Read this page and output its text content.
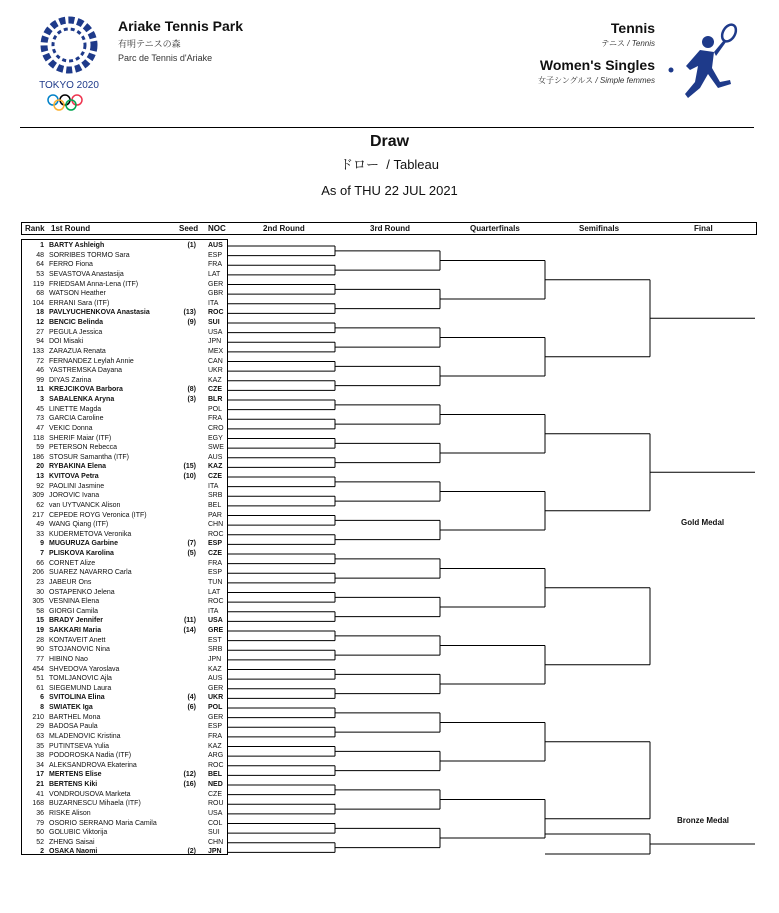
TOKYO 2020
Ariake Tennis Park
有明テニスの森
Parc de Tennis d'Ariake
Tennis
テニス / Tennis
Women's Singles
女子シングルス / Simple femmes
Draw
ドロー / Tableau
As of THU 22 JUL 2021
Rank 1st Round	Seed NOC	2nd Round	3rd Round	Quarterfinals	Semifinals	Final
1 BARTY Ashleigh	(1) AUS
48 SORRIBES TORMO Sara	ESP
64 FERRO Fiona	FRA
53 SEVASTOVA Anastasija	LAT
119 FRIEDSAM Anna-Lena (ITF)	GER
68 WATSON Heather	GBR
104 ERRANI Sara (ITF)	ITA
18 PAVLYUCHENKOVA Anastasia	(13) ROC
12 BENCIC Belinda	(9) SUI
27 PEGULA Jessica	USA
94 DOI Misaki	JPN
133 ZARAZUA Renata	MEX
72 FERNANDEZ Leylah Annie	CAN
46 YASTREMSKA Dayana	UKR
99 DIYAS Zarina	KAZ
11 KREJCIKOVA Barbora	(8) CZE
3 SABALENKA Aryna	(3) BLR
45 LINETTE Magda	POL
73 GARCIA Caroline	FRA
47 VEKIC Donna	CRO
118 SHERIF Maiar (ITF)	EGY
59 PETERSON Rebecca	SWE
186 STOSUR Samantha (ITF)	AUS
20 RYBAKINA Elena	(15) KAZ
13 KVITOVA Petra	(10) CZE
92 PAOLINI Jasmine	ITA
309 JOROVIC Ivana	SRB
62 van UYTVANCK Alison	BEL
217 CEPEDE ROYG Veronica (ITF)	PAR
49 WANG Qiang (ITF)	CHN
33 KUDERMETOVA Veronika	ROC
9 MUGURUZA Garbine	(7) ESP
7 PLISKOVA Karolina	(5) CZE
66 CORNET Alize	FRA
206 SUAREZ NAVARRO Carla	ESP
23 JABEUR Ons	TUN
30 OSTAPENKO Jelena	LAT
305 VESNINA Elena	ROC
58 GIORGI Camila	ITA
15 BRADY Jennifer	(11) USA
19 SAKKARI Maria	(14) GRE
28 KONTAVEIT Anett	EST
90 STOJANOVIC Nina	SRB
77 HIBINO Nao	JPN
454 SHVEDOVA Yaroslava	KAZ
51 TOMLJANOVIC Ajla	AUS
61 SIEGEMUND Laura	GER
6 SVITOLINA Elina	(4) UKR
8 SWIATEK Iga	(6) POL
210 BARTHEL Mona	GER
29 BADOSA Paula	ESP
63 MLADENOVIC Kristina	FRA
35 PUTINTSEVA Yulia	KAZ
38 PODOROSKA Nadia (ITF)	ARG
34 ALEKSANDROVA Ekaterina	ROC
17 MERTENS Elise	(12) BEL
21 BERTENS Kiki	(16) NED
41 VONDROUSOVA Marketa	CZE
168 BUZARNESCU Mihaela (ITF)	ROU
36 RISKE Alison	USA
79 OSORIO SERRANO Maria Camila	COL
50 GOLUBIC Viktorija	SUI
52 ZHENG Saisai	CHN
2 OSAKA Naomi	(2) JPN
Gold Medal
Bronze Medal
